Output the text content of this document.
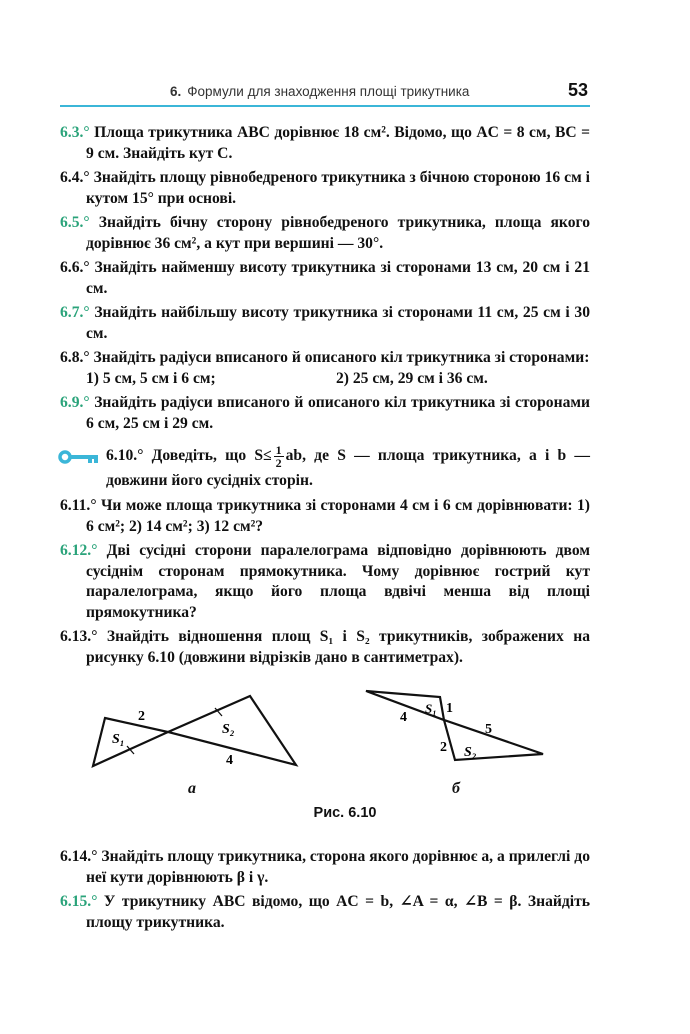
6. Формули для знаходження площі трикутника	53

6.3.° Площа трикутника ABC дорівнює 18 см². Відомо, що AC = 8 см, BC = 9 см. Знайдіть кут C.

6.4.° Знайдіть площу рівнобедреного трикутника з бічною стороною 16 см і кутом 15° при основі.

6.5.° Знайдіть бічну сторону рівнобедреного трикутника, площа якого дорівнює 36 см², а кут при вершині — 30°.

6.6.° Знайдіть найменшу висоту трикутника зі сторонами 13 см, 20 см і 21 см.

6.7.° Знайдіть найбільшу висоту трикутника зі сторонами 11 см, 25 см і 30 см.

6.8.° Знайдіть радіуси вписаного й описаного кіл трикутника зі сторонами:

1) 5 см, 5 см і 6 см;	2) 25 см, 29 см і 36 см.

6.9.° Знайдіть радіуси вписаного й описаного кіл трикутника зі сторонами 6 см, 25 см і 29 см.

6.10.° Доведіть, що $S\le \frac{1}{2}$ ab, де S — площа трикутника, a і b — довжини його сусідніх сторін.

6.11.° Чи може площа трикутника зі сторонами 4 см і 6 см дорівнювати: 1) 6 см²; 2) 14 см²; 3) 12 см²?

6.12.° Дві сусідні сторони паралелограма відповідно дорівнюють двом сусіднім сторонам прямокутника. Чому дорівнює гострий кут паралелограма, якщо його площа вдвічі менша від площі прямокутника?

6.13.° Знайдіть відношення площ S₁ і S₂ трикутників, зображених на рисунку 6.10 (довжини відрізків дано в сантиметрах).

S₁
S₂
2
4
S₁
S₂
4
1
5
2
а	б
Рис. 6.10

6.14.° Знайдіть площу трикутника, сторона якого дорівнює a, а прилеглі до неї кути дорівнюють β і γ.

6.15.° У трикутнику ABC відомо, що AC = b, ∠A = α, ∠B = β. Знайдіть площу трикутника.
